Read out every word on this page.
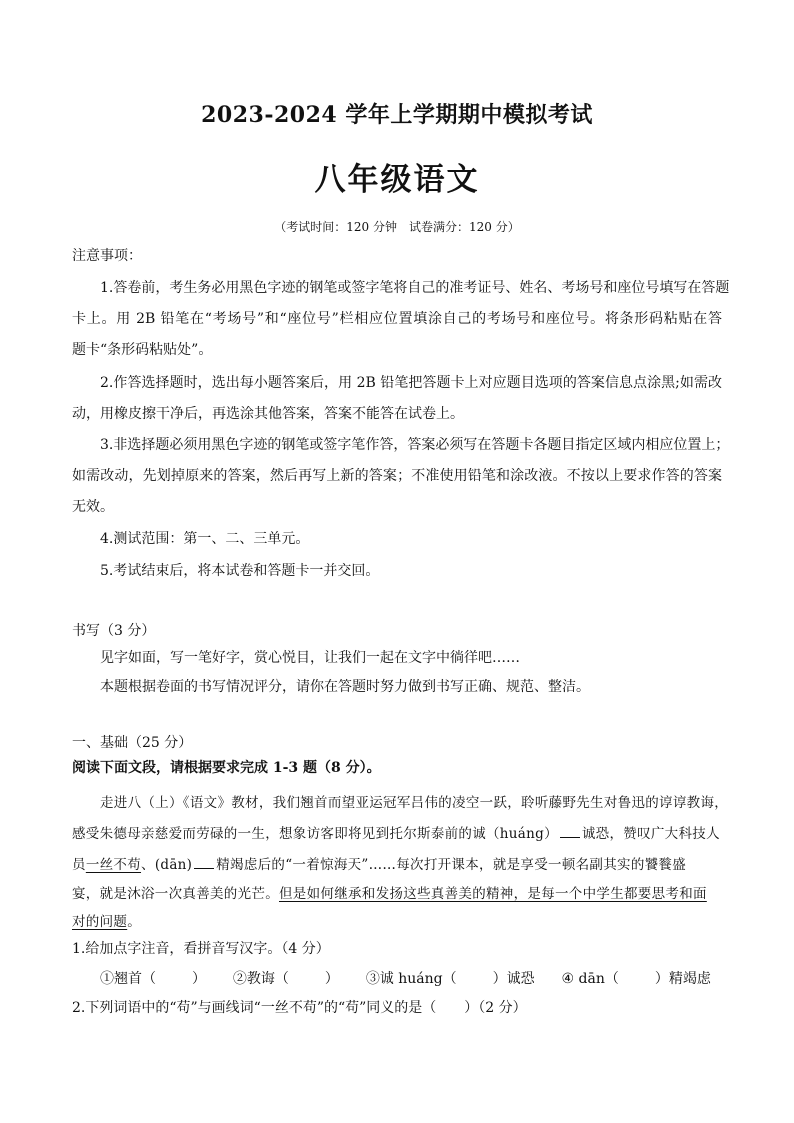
2023-2024 学年上学期期中模拟考试
八年级语文
（考试时间：120 分钟　试卷满分：120 分）
注意事项：
1.答卷前，考生务必用黑色字迹的钢笔或签字笔将自己的准考证号、姓名、考场号和座位号填写在答题
卡上。用 2B 铅笔在“考场号”和“座位号”栏相应位置填涂自己的考场号和座位号。将条形码粘贴在答
题卡“条形码粘贴处”。
2.作答选择题时，选出每小题答案后，用 2B 铅笔把答题卡上对应题目选项的答案信息点涂黑;如需改
动，用橡皮擦干净后，再选涂其他答案，答案不能答在试卷上。
3.非选择题必须用黑色字迹的钢笔或签字笔作答，答案必须写在答题卡各题目指定区域内相应位置上；
如需改动，先划掉原来的答案，然后再写上新的答案；不准使用铅笔和涂改液。不按以上要求作答的答案
无效。
4.测试范围：第一、二、三单元。
5.考试结束后，将本试卷和答题卡一并交回。
书写（3 分）
见字如面，写一笔好字，赏心悦目，让我们一起在文字中徜徉吧……
本题根据卷面的书写情况评分，请你在答题时努力做到书写正确、规范、整洁。
一、基础（25 分）
阅读下面文段，请根据要求完成 1-3 题（8 分）。
走进八（上）《语文》教材，我们翘首而望亚运冠军吕伟的凌空一跃，聆听藤野先生对鲁迅的谆谆教诲，
感受朱德母亲慈爱而劳碌的一生，想象访客即将见到托尔斯泰前的诚（huáng） 诚恐，赞叹广大科技人
员一丝不苟、(dān) 精竭虑后的“一着惊海天”……每次打开课本，就是享受一顿名副其实的饕餮盛
宴，就是沐浴一次真善美的光芒。但是如何继承和发扬这些真善美的精神，是每一个中学生都要思考和面
对的问题。
1.给加点字注音，看拼音写汉字。（4 分）
①翘首（	） ②教诲（	） ③诚 huáng（	）诚恐 ④ dān（	）精竭虑
2.下列词语中的“苟”与画线词“一丝不苟”的“苟”同义的是（　　）（2 分）
